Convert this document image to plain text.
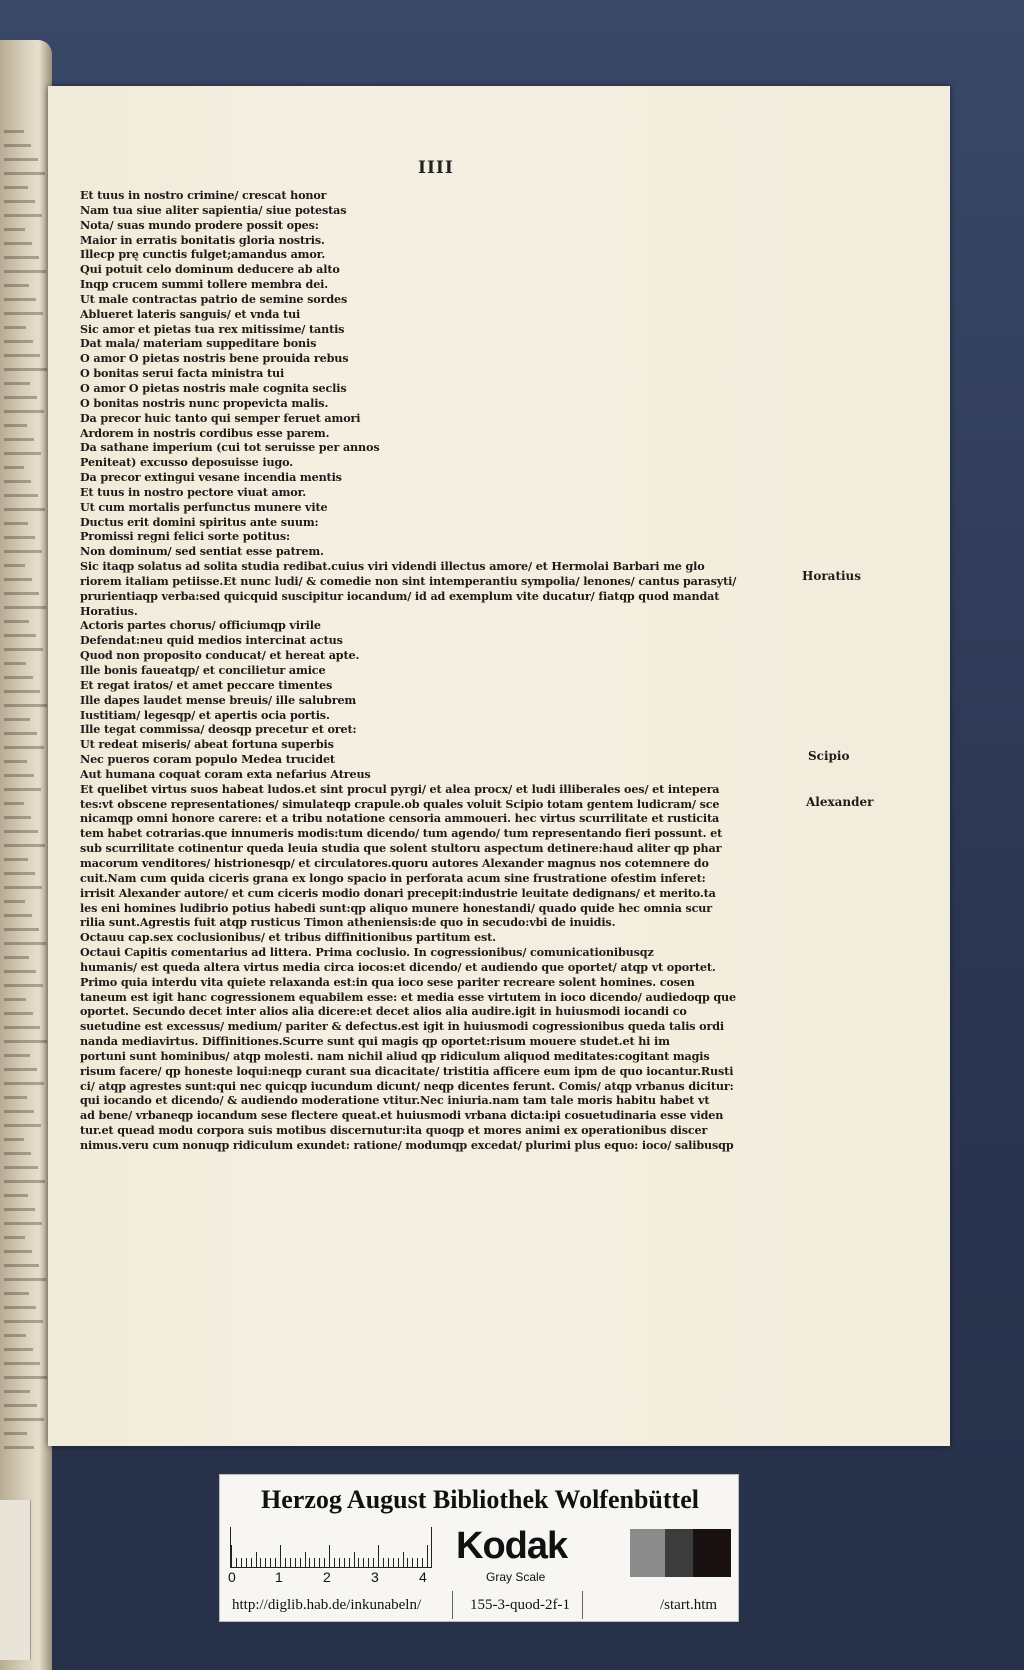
IIII
Et tuus in nostro crimine/ crescat honor
Nam tua siue aliter sapientia/ siue potestas
Nota/ suas mundo prodere possit opes:
Maior in erratis bonitatis gloria nostris.
Illecp prę cunctis fulget;amandus amor.
Qui potuit celo dominum deducere ab alto
Inqp crucem summi tollere membra dei.
Ut male contractas patrio de semine sordes
Ablueret lateris sanguis/ et vnda tui
Sic amor et pietas tua rex mitissime/ tantis
Dat mala/ materiam suppeditare bonis
O amor O pietas nostris bene prouida rebus
O bonitas serui facta ministra tui
O amor O pietas nostris male cognita seclis
O bonitas nostris nunc propevicta malis.
Da precor huic tanto qui semper feruet amori
Ardorem in nostris cordibus esse parem.
Da sathane imperium (cui tot seruisse per annos
Peniteat) excusso deposuisse iugo.
Da precor extingui vesane incendia mentis
Et tuus in nostro pectore viuat amor.
Ut cum mortalis perfunctus munere vite
Ductus erit domini spiritus ante suum:
Promissi regni felici sorte potitus:
Non dominum/ sed sentiat esse patrem.
Sic itaqp solatus ad solita studia redibat.cuius viri videndi illectus amore/ et Hermolai Barbari me glo
riorem italiam petiisse.Et nunc ludi/ & comedie non sint intemperantiu sympolia/ lenones/ cantus parasyti/
prurientiaqp verba:sed quicquid suscipitur iocandum/ id ad exemplum vite ducatur/ fiatqp quod mandat
Horatius.
Actoris partes chorus/ officiumqp virile
Defendat:neu quid medios intercinat actus
Quod non proposito conducat/ et hereat apte.
Ille bonis faueatqp/ et concilietur amice
Et regat iratos/ et amet peccare timentes
Ille dapes laudet mense breuis/ ille salubrem
Iustitiam/ legesqp/ et apertis ocia portis.
Ille tegat commissa/ deosqp precetur et oret:
Ut redeat miseris/ abeat fortuna superbis
Nec pueros coram populo Medea trucidet
Aut humana coquat coram exta nefarius Atreus
Et quelibet virtus suos habeat ludos.et sint procul pyrgi/ et alea procx/ et ludi illiberales oes/ et intepera
tes:vt obscene representationes/ simulateqp crapule.ob quales voluit Scipio totam gentem ludicram/ sce
nicamqp omni honore carere: et a tribu notatione censoria ammoueri. hec virtus scurrilitate et rusticita
tem habet cotrarias.que innumeris modis:tum dicendo/ tum agendo/ tum representando fieri possunt. et
sub scurrilitate cotinentur queda leuia studia que solent stultoru aspectum detinere:haud aliter qp phar
macorum venditores/ histrionesqp/ et circulatores.quoru autores Alexander magnus nos cotemnere do
cuit.Nam cum quida ciceris grana ex longo spacio in perforata acum sine frustratione ofestim inferet:
irrisit Alexander autore/ et cum ciceris modio donari precepit:industrie leuitate dedignans/ et merito.ta
les eni homines ludibrio potius habedi sunt:qp aliquo munere honestandi/ quado quide hec omnia scur
rilia sunt.Agrestis fuit atqp rusticus Timon atheniensis:de quo in secudo:vbi de inuidis.
Octauu cap.sex coclusionibus/ et tribus diffinitionibus partitum est.
Octaui Capitis comentarius ad littera. Prima coclusio. In cogressionibus/ comunicationibusqz
humanis/ est queda altera virtus media circa iocos:et dicendo/ et audiendo que oportet/ atqp vt oportet.
Primo quia interdu vita quiete relaxanda est:in qua ioco sese pariter recreare solent homines. cosen
taneum est igit hanc cogressionem equabilem esse: et media esse virtutem in ioco dicendo/ audiedoqp que
oportet. Secundo decet inter alios alia dicere:et decet alios alia audire.igit in huiusmodi iocandi co
suetudine est excessus/ medium/ pariter & defectus.est igit in huiusmodi cogressionibus queda talis ordi
nanda mediavirtus. Diffinitiones.Scurre sunt qui magis qp oportet:risum mouere studet.et hi im
portuni sunt hominibus/ atqp molesti. nam nichil aliud qp ridiculum aliquod meditates:cogitant magis
risum facere/ qp honeste loqui:neqp curant sua dicacitate/ tristitia afficere eum ipm de quo iocantur.Rusti
ci/ atqp agrestes sunt:qui nec quicqp iucundum dicunt/ neqp dicentes ferunt. Comis/ atqp vrbanus dicitur:
qui iocando et dicendo/ & audiendo moderatione vtitur.Nec iniuria.nam tam tale moris habitu habet vt
ad bene/ vrbaneqp iocandum sese flectere queat.et huiusmodi vrbana dicta:ipi cosuetudinaria esse viden
tur.et quead modu corpora suis motibus discernutur:ita quoqp et mores animi ex operationibus discer
nimus.veru cum nonuqp ridiculum exundet: ratione/ modumqp excedat/ plurimi plus equo: ioco/ salibusqp
Horatius
Scipio
Alexander
Herzog August Bibliothek Wolfenbüttel
0	1	2	3	4
Kodak
Gray Scale
http://diglib.hab.de/inkunabeln/	155-3-quod-2f-1	/start.htm
